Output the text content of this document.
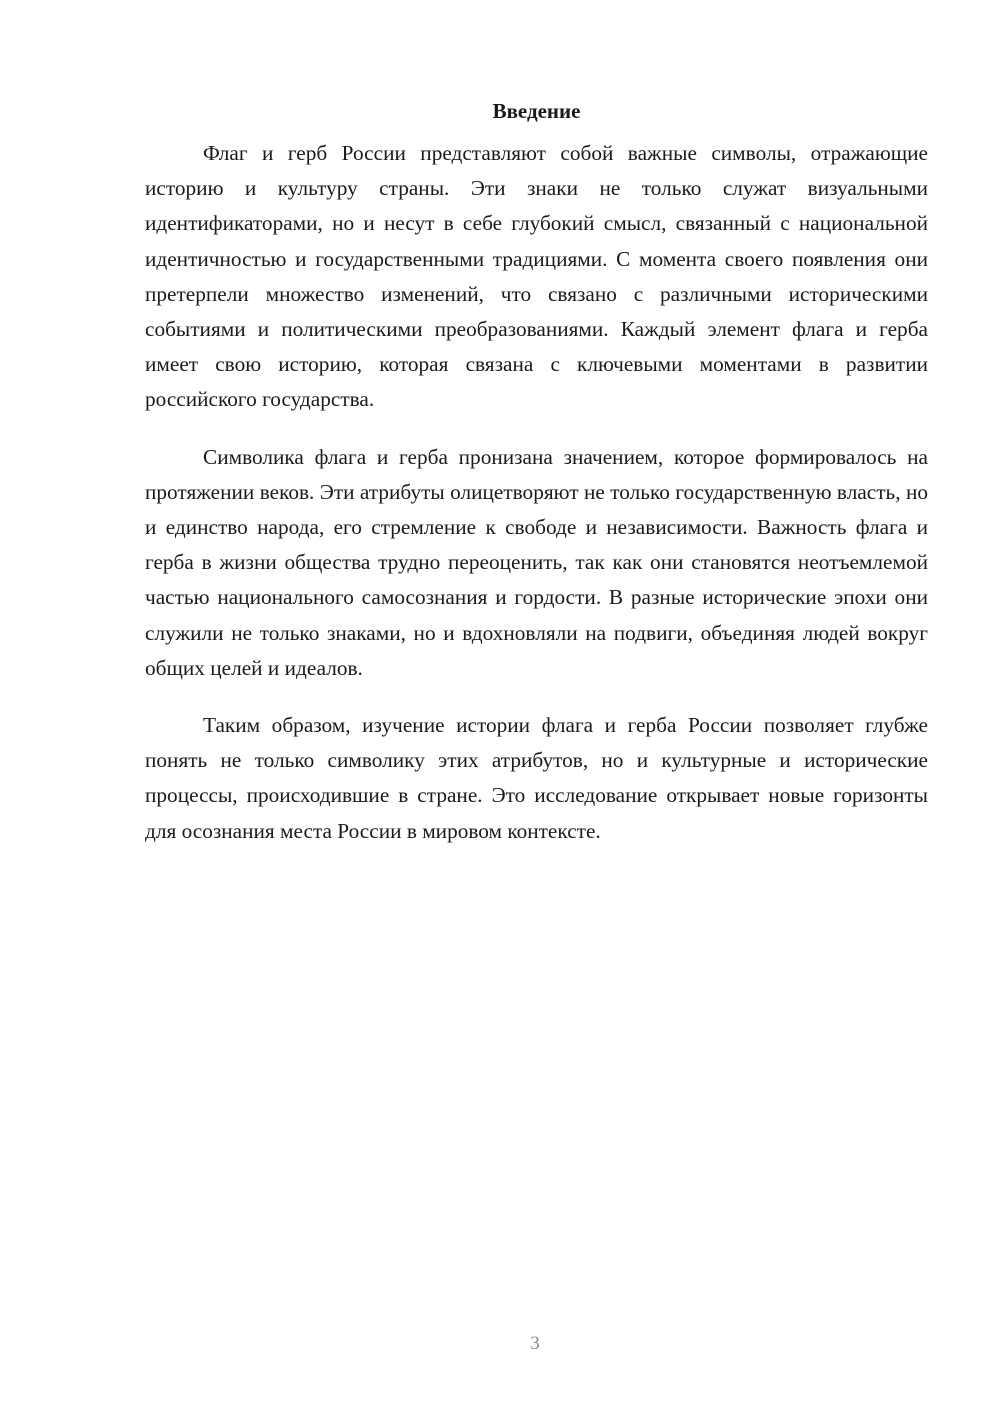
Введение

Флаг и герб России представляют собой важные символы, отражающие историю и культуру страны. Эти знаки не только служат визуальными идентификаторами, но и несут в себе глубокий смысл, связанный с национальной идентичностью и государственными традициями. С момента своего появления они претерпели множество изменений, что связано с различными историческими событиями и политическими преобразованиями. Каждый элемент флага и герба имеет свою историю, которая связана с ключевыми моментами в развитии российского государства.

Символика флага и герба пронизана значением, которое формировалось на протяжении веков. Эти атрибуты олицетворяют не только государственную власть, но и единство народа, его стремление к свободе и независимости. Важность флага и герба в жизни общества трудно переоценить, так как они становятся неотъемлемой частью национального самосознания и гордости. В разные исторические эпохи они служили не только знаками, но и вдохновляли на подвиги, объединяя людей вокруг общих целей и идеалов.

Таким образом, изучение истории флага и герба России позволяет глубже понять не только символику этих атрибутов, но и культурные и исторические процессы, происходившие в стране. Это исследование открывает новые горизонты для осознания места России в мировом контексте.

3
